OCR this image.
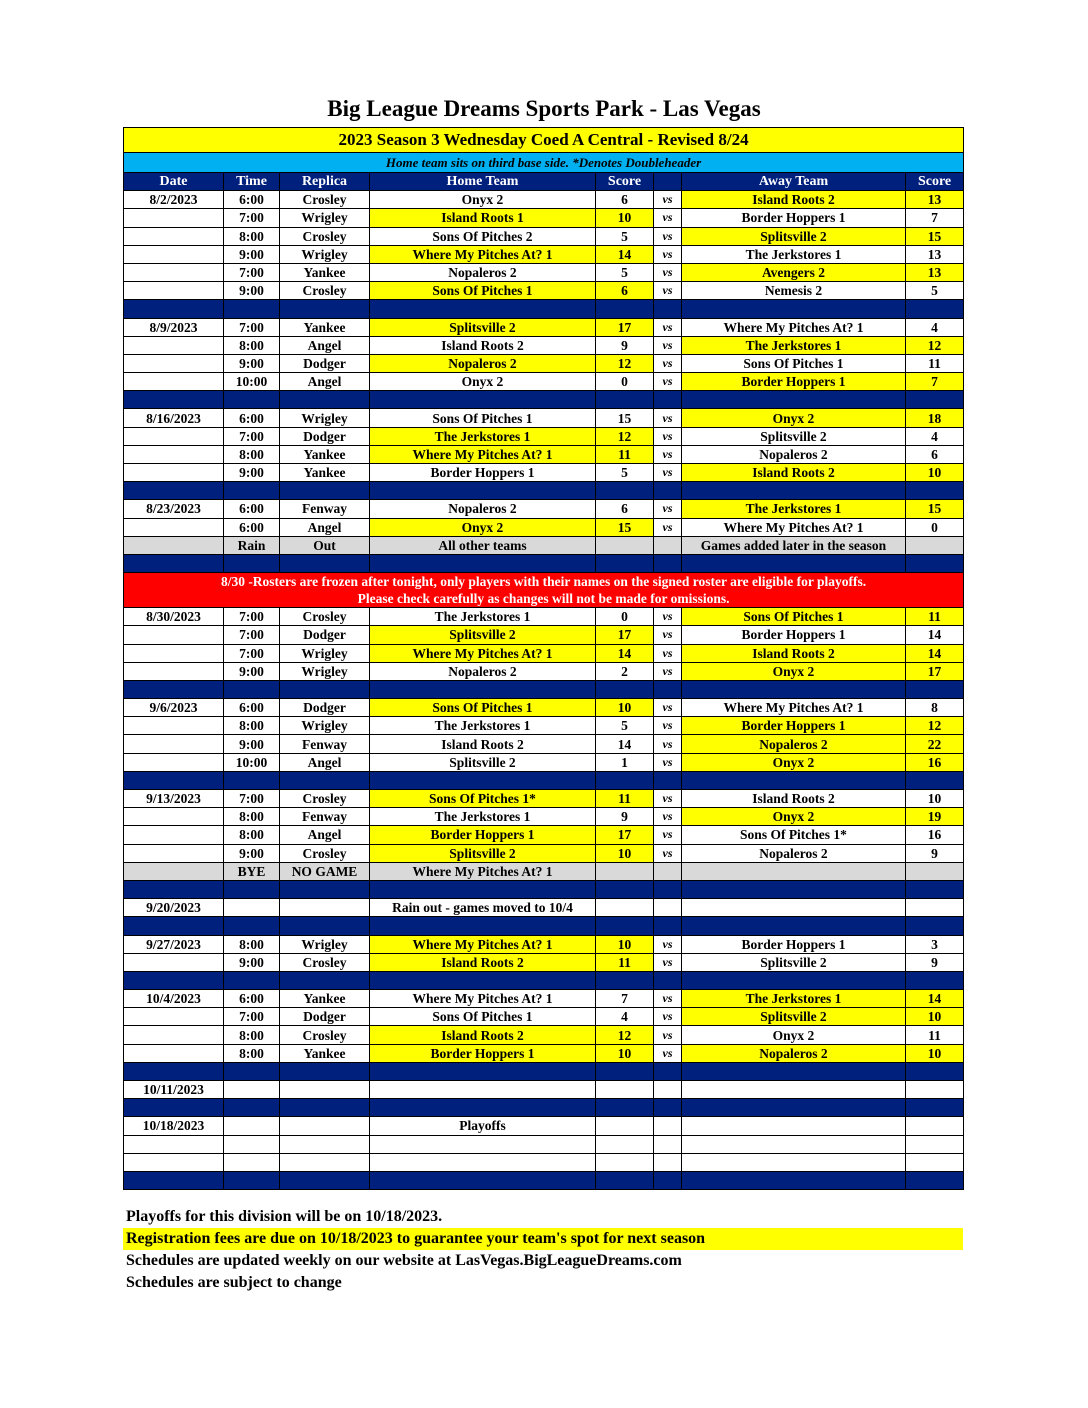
Big League Dreams Sports Park - Las Vegas
2023 Season 3 Wednesday Coed A Central - Revised 8/24							
Home team sits on third base side. *Denotes Doubleheader							
Date	Time	Replica	Home Team	Score		Away Team	Score
8/2/2023	6:00	Crosley	Onyx 2	6	vs	Island Roots 2	13
	7:00	Wrigley	Island Roots 1	10	vs	Border Hoppers 1	7
	8:00	Crosley	Sons Of Pitches 2	5	vs	Splitsville 2	15
	9:00	Wrigley	Where My Pitches At? 1	14	vs	The Jerkstores 1	13
	7:00	Yankee	Nopaleros 2	5	vs	Avengers 2	13
	9:00	Crosley	Sons Of Pitches 1	6	vs	Nemesis 2	5

8/9/2023	7:00	Yankee	Splitsville 2	17	vs	Where My Pitches At? 1	4
	8:00	Angel	Island Roots 2	9	vs	The Jerkstores 1	12
	9:00	Dodger	Nopaleros 2	12	vs	Sons Of Pitches 1	11
	10:00	Angel	Onyx 2	0	vs	Border Hoppers 1	7

8/16/2023	6:00	Wrigley	Sons Of Pitches 1	15	vs	Onyx 2	18
	7:00	Dodger	The Jerkstores 1	12	vs	Splitsville 2	4
	8:00	Yankee	Where My Pitches At? 1	11	vs	Nopaleros 2	6
	9:00	Yankee	Border Hoppers 1	5	vs	Island Roots 2	10

8/23/2023	6:00	Fenway	Nopaleros 2	6	vs	The Jerkstores 1	15
	6:00	Angel	Onyx 2	15	vs	Where My Pitches At? 1	0
	Rain	Out	All other teams			Games added later in the season	

8/30 -Rosters are frozen after tonight, only players with their names on the signed roster are eligible for playoffs.
Please check carefully as changes will not be made for omissions.							

8/30/2023	7:00	Crosley	The Jerkstores 1	0	vs	Sons Of Pitches 1	11
	7:00	Dodger	Splitsville 2	17	vs	Border Hoppers 1	14
	7:00	Wrigley	Where My Pitches At? 1	14	vs	Island Roots 2	14
	9:00	Wrigley	Nopaleros 2	2	vs	Onyx 2	17

9/6/2023	6:00	Dodger	Sons Of Pitches 1	10	vs	Where My Pitches At? 1	8
	8:00	Wrigley	The Jerkstores 1	5	vs	Border Hoppers 1	12
	9:00	Fenway	Island Roots 2	14	vs	Nopaleros 2	22
	10:00	Angel	Splitsville 2	1	vs	Onyx 2	16

9/13/2023	7:00	Crosley	Sons Of Pitches 1*	11	vs	Island Roots 2	10
	8:00	Fenway	The Jerkstores 1	9	vs	Onyx 2	19
	8:00	Angel	Border Hoppers 1	17	vs	Sons Of Pitches 1*	16
	9:00	Crosley	Splitsville 2	10	vs	Nopaleros 2	9
	BYE	NO GAME	Where My Pitches At? 1				

9/20/2023			Rain out - games moved to 10/4				

9/27/2023	8:00	Wrigley	Where My Pitches At? 1	10	vs	Border Hoppers 1	3
	9:00	Crosley	Island Roots 2	11	vs	Splitsville 2	9

10/4/2023	6:00	Yankee	Where My Pitches At? 1	7	vs	The Jerkstores 1	14
	7:00	Dodger	Sons Of Pitches 1	4	vs	Splitsville 2	10
	8:00	Crosley	Island Roots 2	12	vs	Onyx 2	11
	8:00	Yankee	Border Hoppers 1	10	vs	Nopaleros 2	10

10/11/2023							

10/18/2023			Playoffs				

Playoffs for this division will be on 10/18/2023.
Registration fees are due on 10/18/2023 to guarantee your team's spot for next season
Schedules are updated weekly on our website at LasVegas.BigLeagueDreams.com
Schedules are subject to change
